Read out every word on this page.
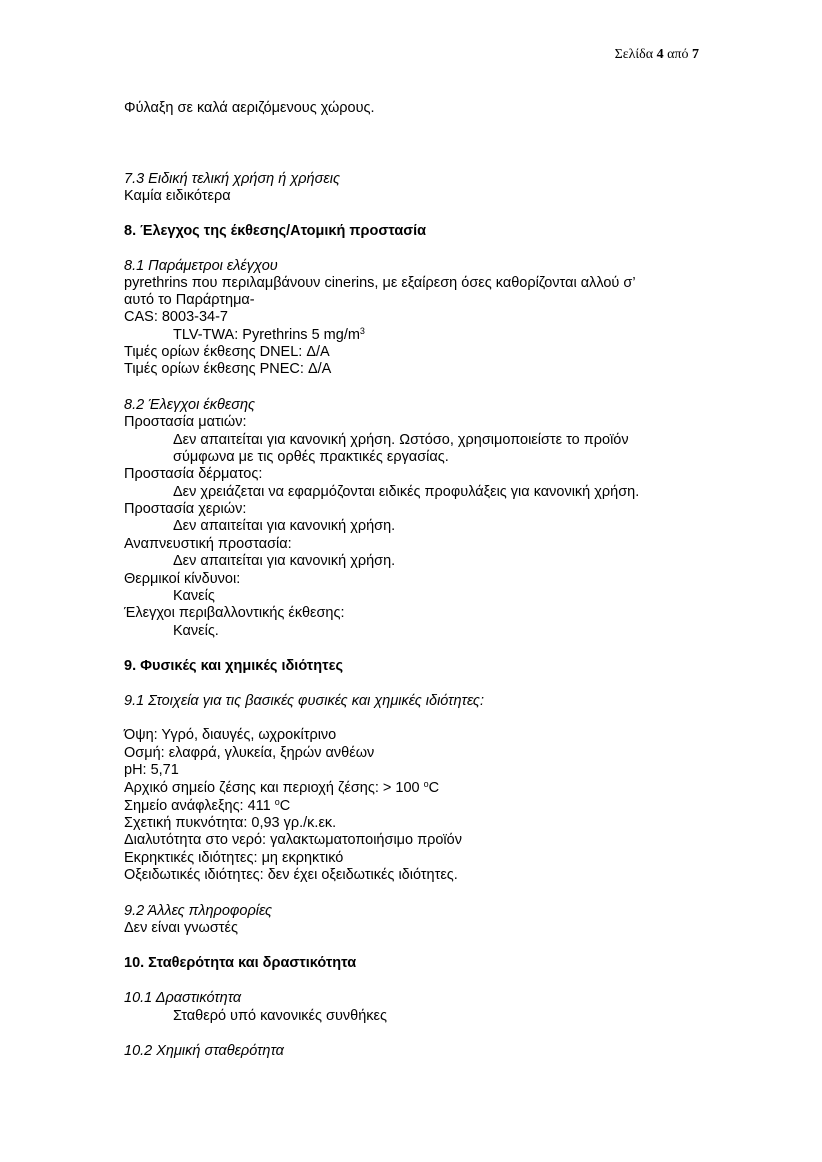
Σελίδα 4 από 7
Φύλαξη σε καλά αεριζόμενους χώρους.
7.3 Ειδική τελική χρήση ή χρήσεις
Καμία ειδικότερα
8. Έλεγχος της έκθεσης/Ατομική προστασία
8.1 Παράμετροι ελέγχου
pyrethrins που περιλαμβάνουν cinerins, με εξαίρεση όσες καθορίζονται αλλού σ’
αυτό το Παράρτημα-
CAS: 8003-34-7
TLV-TWA: Pyrethrins 5 $mg/m^3$
Τιμές ορίων έκθεσης DNEL: Δ/Α
Τιμές ορίων έκθεσης PNEC: Δ/Α
8.2 Έλεγχοι έκθεσης
Προστασία ματιών:
Δεν απαιτείται για κανονική χρήση. Ωστόσο, χρησιμοποιείστε το προϊόν
σύμφωνα με τις ορθές πρακτικές εργασίας.
Προστασία δέρματος:
Δεν χρειάζεται να εφαρμόζονται ειδικές προφυλάξεις για κανονική χρήση.
Προστασία χεριών:
Δεν απαιτείται για κανονική χρήση.
Αναπνευστική προστασία:
Δεν απαιτείται για κανονική χρήση.
Θερμικοί κίνδυνοι:
Κανείς
Έλεγχοι περιβαλλοντικής έκθεσης:
Κανείς.
9. Φυσικές και χημικές ιδιότητες
9.1 Στοιχεία για τις βασικές φυσικές και χημικές ιδιότητες:
Όψη: Υγρό, διαυγές, ωχροκίτρινο
Οσμή: ελαφρά, γλυκεία, ξηρών ανθέων
pH: 5,71
Αρχικό σημείο ζέσης και περιοχή ζέσης: > 100 $^o$C
Σημείο ανάφλεξης: 411 $^o$C
Σχετική πυκνότητα: 0,93 γρ./κ.εκ.
Διαλυτότητα στο νερό: γαλακτωματοποιήσιμο προϊόν
Εκρηκτικές ιδιότητες: μη εκρηκτικό
Οξειδωτικές ιδιότητες: δεν έχει οξειδωτικές ιδιότητες.
9.2 Άλλες πληροφορίες
Δεν είναι γνωστές
10. Σταθερότητα και δραστικότητα
10.1 Δραστικότητα
Σταθερό υπό κανονικές συνθήκες
10.2 Χημική σταθερότητα
